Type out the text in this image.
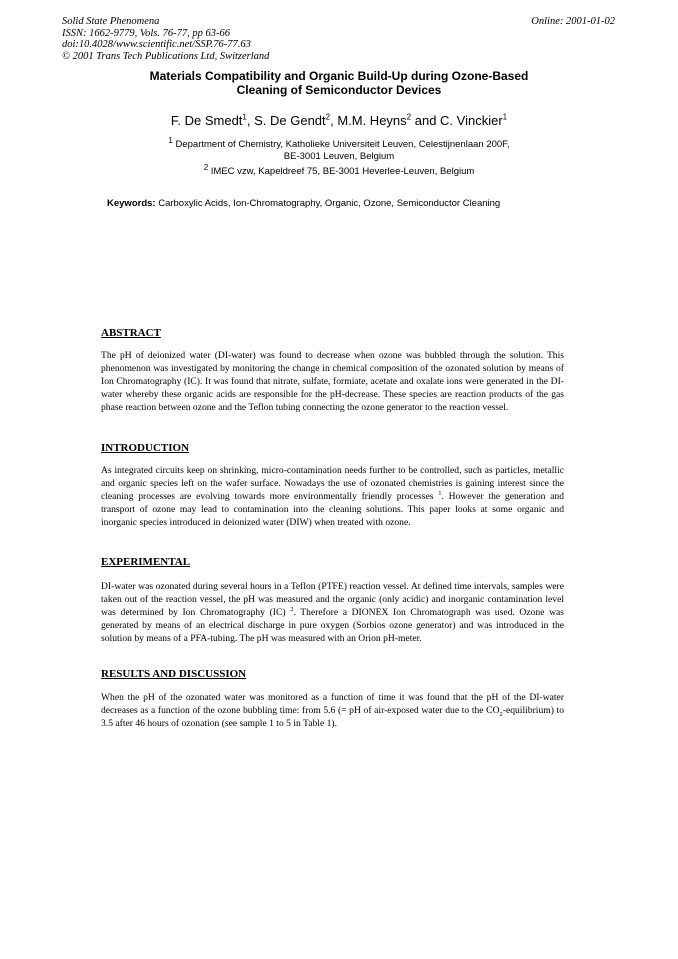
Solid State Phenomena
ISSN: 1662-9779, Vols. 76-77, pp 63-66
doi:10.4028/www.scientific.net/SSP.76-77.63
© 2001 Trans Tech Publications Ltd, Switzerland
Online: 2001-01-02
Materials Compatibility and Organic Build-Up during Ozone-Based
Cleaning of Semiconductor Devices
F. De Smedt$^1$, S. De Gendt$^2$, M.M. Heyns$^2$ and C. Vinckier$^1$
$^1$ Department of Chemistry, Katholieke Universiteit Leuven, Celestijnenlaan 200F,
BE-3001 Leuven, Belgium
$^2$ IMEC vzw, Kapeldreef 75, BE-3001 Heverlee-Leuven, Belgium
Keywords: Carboxylic Acids, Ion-Chromatography, Organic, Ozone, Semiconductor Cleaning
ABSTRACT

The pH of deionized water (DI-water) was found to decrease when ozone was bubbled through the solution. This phenomenon was investigated by monitoring the change in chemical composition of the ozonated solution by means of Ion Chromatography (IC). It was found that nitrate, sulfate, formiate, acetate and oxalate ions were generated in the DI-water whereby these organic acids are responsible for the pH-decrease. These species are reaction products of the gas phase reaction between ozone and the Teflon tubing connecting the ozone generator to the reaction vessel.

INTRODUCTION

As integrated circuits keep on shrinking, micro-contamination needs further to be controlled, such as particles, metallic and organic species left on the wafer surface. Nowadays the use of ozonated chemistries is gaining interest since the cleaning processes are evolving towards more environmentally friendly processes $^1$. However the generation and transport of ozone may lead to contamination into the cleaning solutions. This paper looks at some organic and inorganic species introduced in deionized water (DIW) when treated with ozone.

EXPERIMENTAL

DI-water was ozonated during several hours in a Teflon (PTFE) reaction vessel. At defined time intervals, samples were taken out of the reaction vessel, the pH was measured and the organic (only acidic) and inorganic contamination level was determined by Ion Chromatography (IC) $^2$. Therefore a DIONEX Ion Chromatograph was used. Ozone was generated by means of an electrical discharge in pure oxygen (Sorbios ozone generator) and was introduced in the solution by means of a PFA-tubing. The pH was measured with an Orion pH-meter.

RESULTS AND DISCUSSION

When the pH of the ozonated water was monitored as a function of time it was found that the pH of the DI-water decreases as a function of the ozone bubbling time: from 5.6 (= pH of air-exposed water due to the $CO_2-equilibrium$) to 3.5 after 46 hours of ozonation (see sample 1 to 5 in Table 1).
